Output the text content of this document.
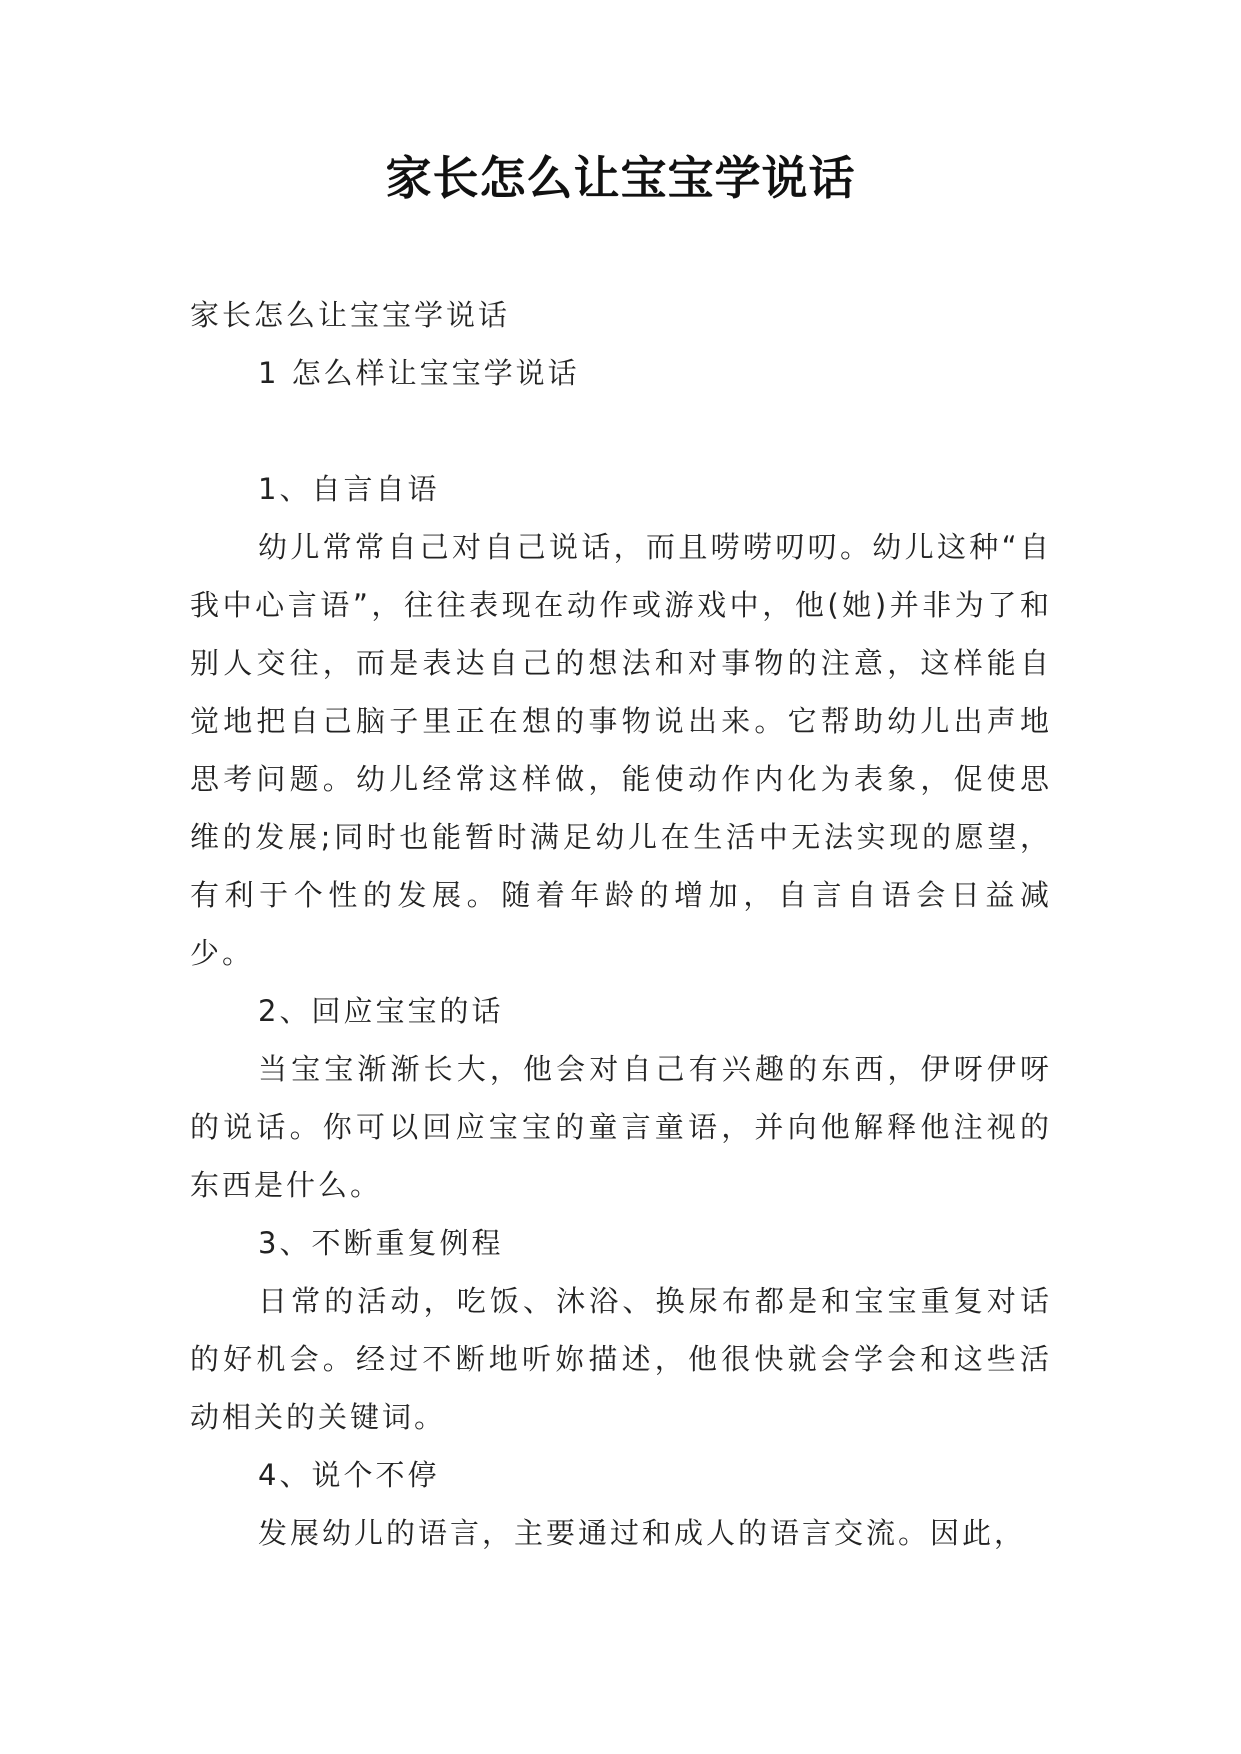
家长怎么让宝宝学说话

家长怎么让宝宝学说话

1 怎么样让宝宝学说话

1、自言自语

幼儿常常自己对自己说话，而且唠唠叨叨。幼儿这种“自我中心言语”，往往表现在动作或游戏中，他(她)并非为了和别人交往，而是表达自己的想法和对事物的注意，这样能自觉地把自己脑子里正在想的事物说出来。它帮助幼儿出声地思考问题。幼儿经常这样做，能使动作内化为表象，促使思维的发展;同时也能暂时满足幼儿在生活中无法实现的愿望，有利于个性的发展。随着年龄的增加，自言自语会日益减少。

2、回应宝宝的话

当宝宝渐渐长大，他会对自己有兴趣的东西，伊呀伊呀的说话。你可以回应宝宝的童言童语，并向他解释他注视的东西是什么。

3、不断重复例程

日常的活动，吃饭、沐浴、换尿布都是和宝宝重复对话的好机会。经过不断地听妳描述，他很快就会学会和这些活动相关的关键词。

4、说个不停

发展幼儿的语言，主要通过和成人的语言交流。因此，
